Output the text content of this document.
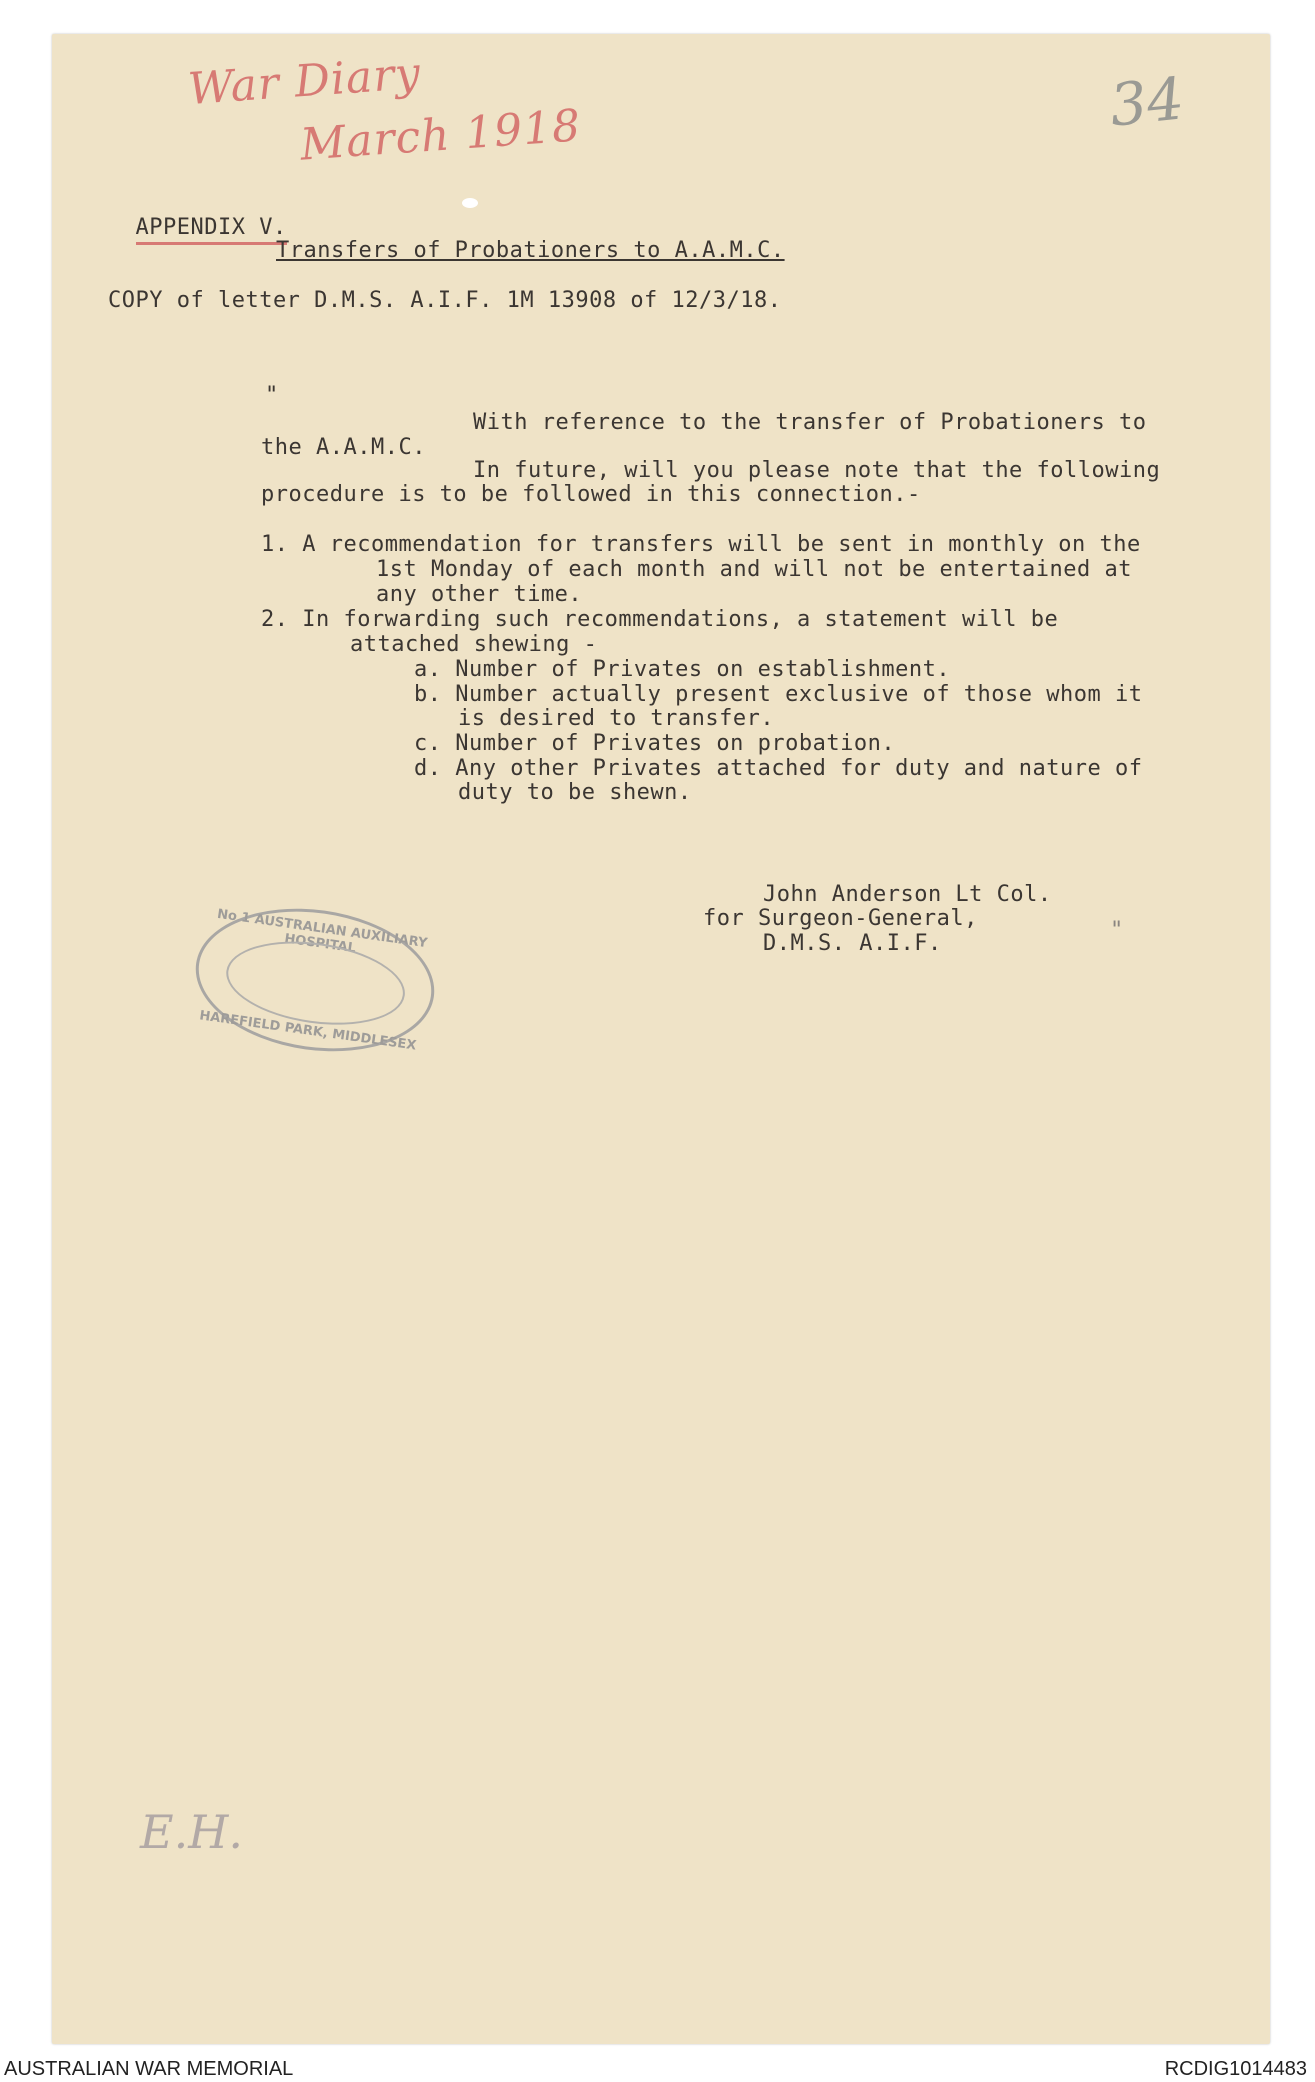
War Diary
March 1918	34

APPENDIX V.

Transfers of Probationers to A.A.M.C.
COPY of letter D.M.S. A.I.F. 1M 13908 of 12/3/18.
"
With reference to the transfer of Probationers to
the A.A.M.C.
In future, will you please note that the following
procedure is to be followed in this connection.-
1. A recommendation for transfers will be sent in monthly on the
1st Monday of each month and will not be entertained at
any other time.
2. In forwarding such recommendations, a statement will be
attached shewing -
a. Number of Privates on establishment.
b. Number actually present exclusive of those whom it
is desired to transfer.
c. Number of Privates on probation.
d. Any other Privates attached for duty and nature of
duty to be shewn.
John Anderson Lt Col.
for Surgeon-General,
D.M.S. A.I.F.
"
No 1 AUSTRALIAN AUXILIARY HOSPITAL
HAREFIELD PARK, MIDDLESEX
E.H.
AUSTRALIAN WAR MEMORIAL	RCDIG1014483
